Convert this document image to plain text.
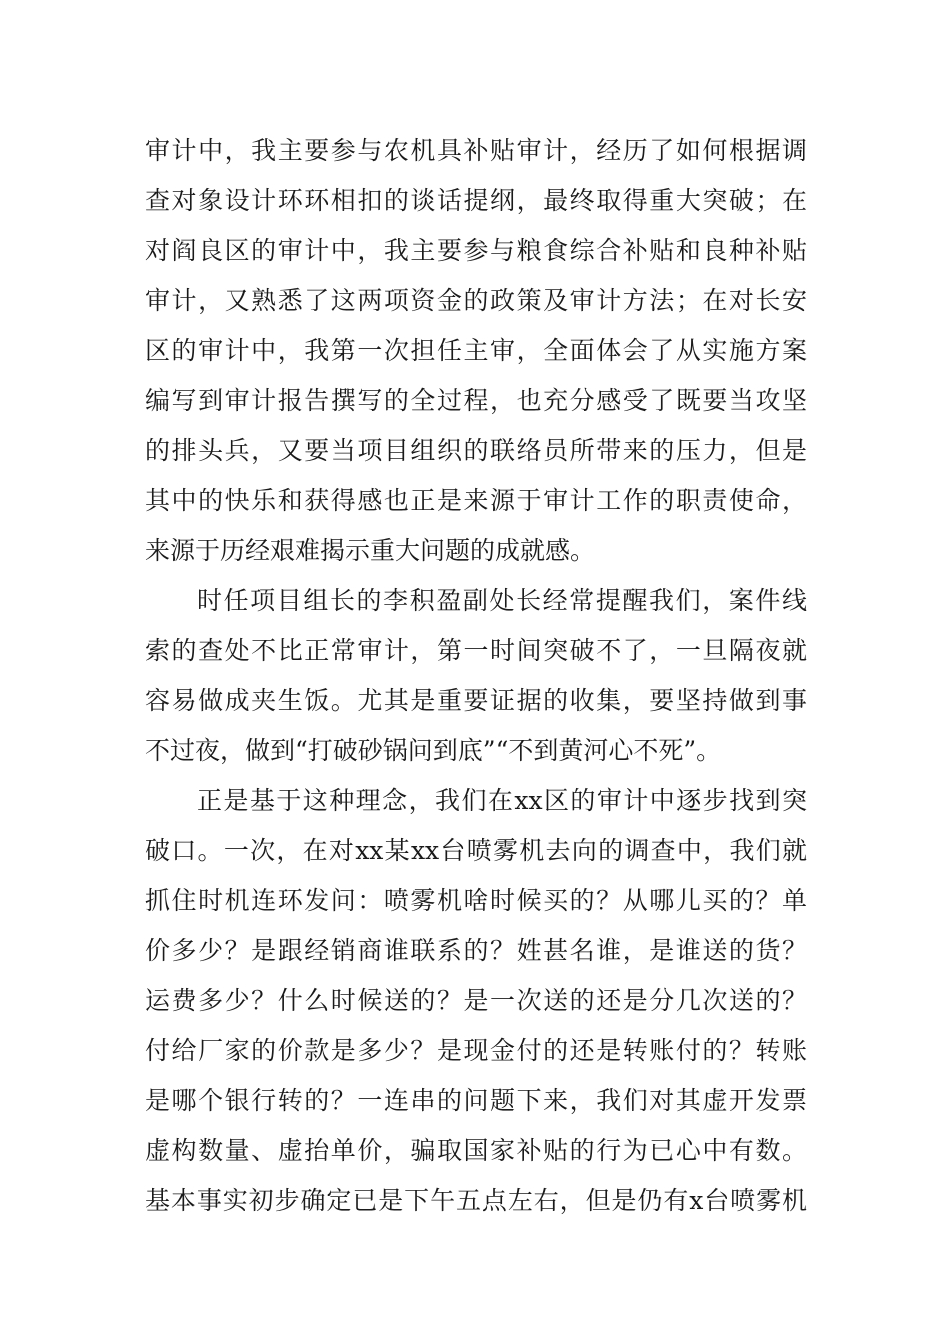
审计中，我主要参与农机具补贴审计，经历了如何根据调
查对象设计环环相扣的谈话提纲，最终取得重大突破；在
对阎良区的审计中，我主要参与粮食综合补贴和良种补贴
审计，又熟悉了这两项资金的政策及审计方法；在对长安
区的审计中，我第一次担任主审，全面体会了从实施方案
编写到审计报告撰写的全过程，也充分感受了既要当攻坚
的排头兵，又要当项目组织的联络员所带来的压力，但是
其中的快乐和获得感也正是来源于审计工作的职责使命，
来源于历经艰难揭示重大问题的成就感。
时任项目组长的李积盈副处长经常提醒我们，案件线
索的查处不比正常审计，第一时间突破不了，一旦隔夜就
容易做成夹生饭。尤其是重要证据的收集，要坚持做到事
不过夜，做到“打破砂锅问到底”“不到黄河心不死”。
正是基于这种理念，我们在xx区的审计中逐步找到突
破口。一次，在对xx某xx台喷雾机去向的调查中，我们就
抓住时机连环发问：喷雾机啥时候买的？从哪儿买的？单
价多少？是跟经销商谁联系的？姓甚名谁，是谁送的货？
运费多少？什么时候送的？是一次送的还是分几次送的？
付给厂家的价款是多少？是现金付的还是转账付的？转账
是哪个银行转的？一连串的问题下来，我们对其虚开发票
虚构数量、虚抬单价，骗取国家补贴的行为已心中有数。
基本事实初步确定已是下午五点左右，但是仍有x台喷雾机
